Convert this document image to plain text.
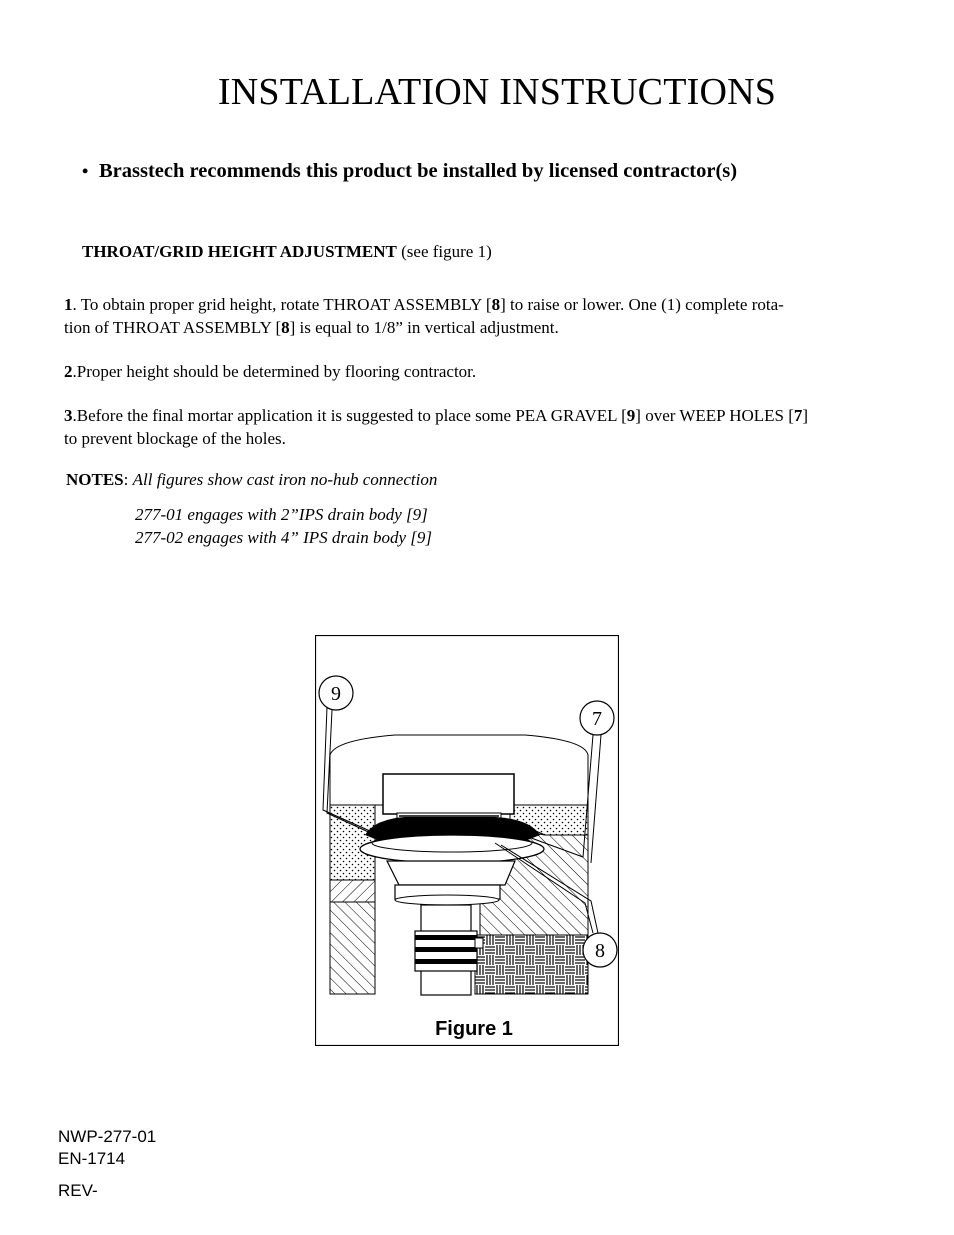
INSTALLATION INSTRUCTIONS
• Brasstech recommends this product be installed by licensed contractor(s)
THROAT/GRID HEIGHT ADJUSTMENT (see figure 1)
1. To obtain proper grid height, rotate THROAT ASSEMBLY [8] to raise or lower. One (1) complete rota-
tion of THROAT ASSEMBLY [8] is equal to 1/8” in vertical adjustment.
2.Proper height should be determined by flooring contractor.
3.Before the final mortar application it is suggested to place some PEA GRAVEL [9] over WEEP HOLES [7]
to prevent blockage of the holes.
NOTES: All figures show cast iron no-hub connection
277-01 engages with 2”IPS drain body [9]
277-02 engages with 4” IPS drain body [9]
9
7
8
Figure 1
NWP-277-01
EN-1714
REV-
